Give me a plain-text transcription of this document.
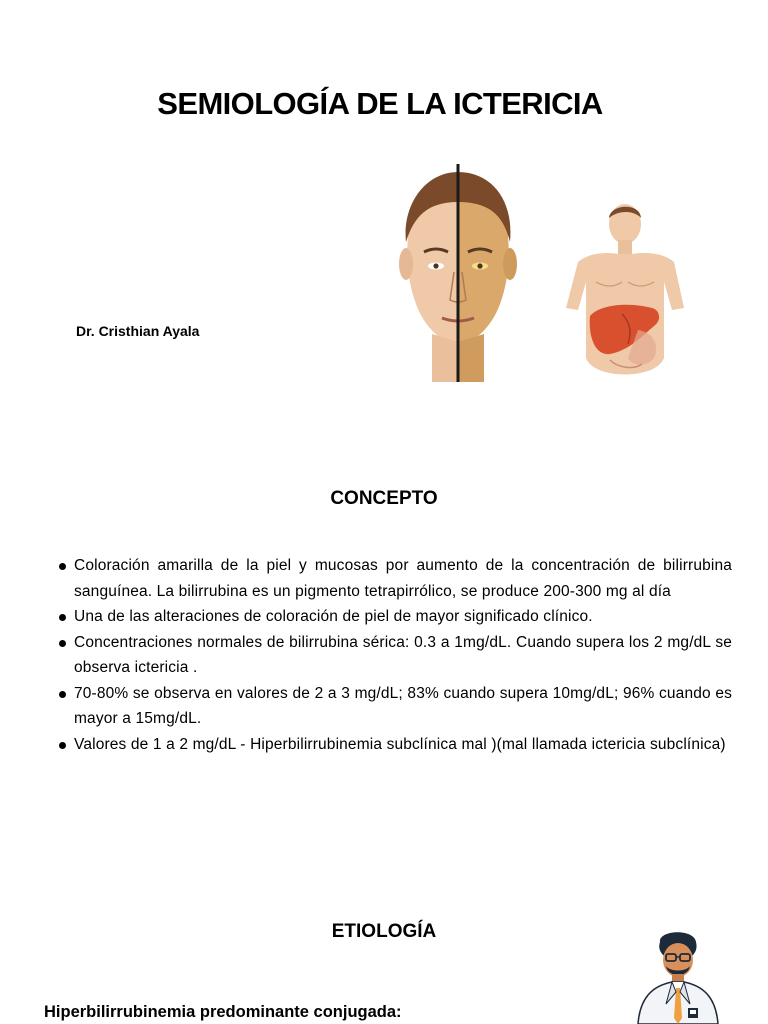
SEMIOLOGÍA DE LA ICTERICIA
Dr. Cristhian Ayala
CONCEPTO
Coloración amarilla de la piel y mucosas por aumento de la concentración de bilirrubina sanguínea. La bilirrubina es un pigmento tetrapirrólico, se produce 200-300 mg al día
Una de las alteraciones de coloración de piel de mayor significado clínico.
Concentraciones normales de bilirrubina sérica: 0.3 a 1mg/dL. Cuando supera los 2 mg/dL se observa ictericia .
70-80% se observa en valores de 2 a 3 mg/dL; 83% cuando supera 10mg/dL; 96% cuando es mayor a 15mg/dL.
Valores de 1 a 2 mg/dL - Hiperbilirrubinemia subclínica mal )(mal llamada ictericia subclínica)
ETIOLOGÍA
Hiperbilirrubinemia predominante conjugada:
